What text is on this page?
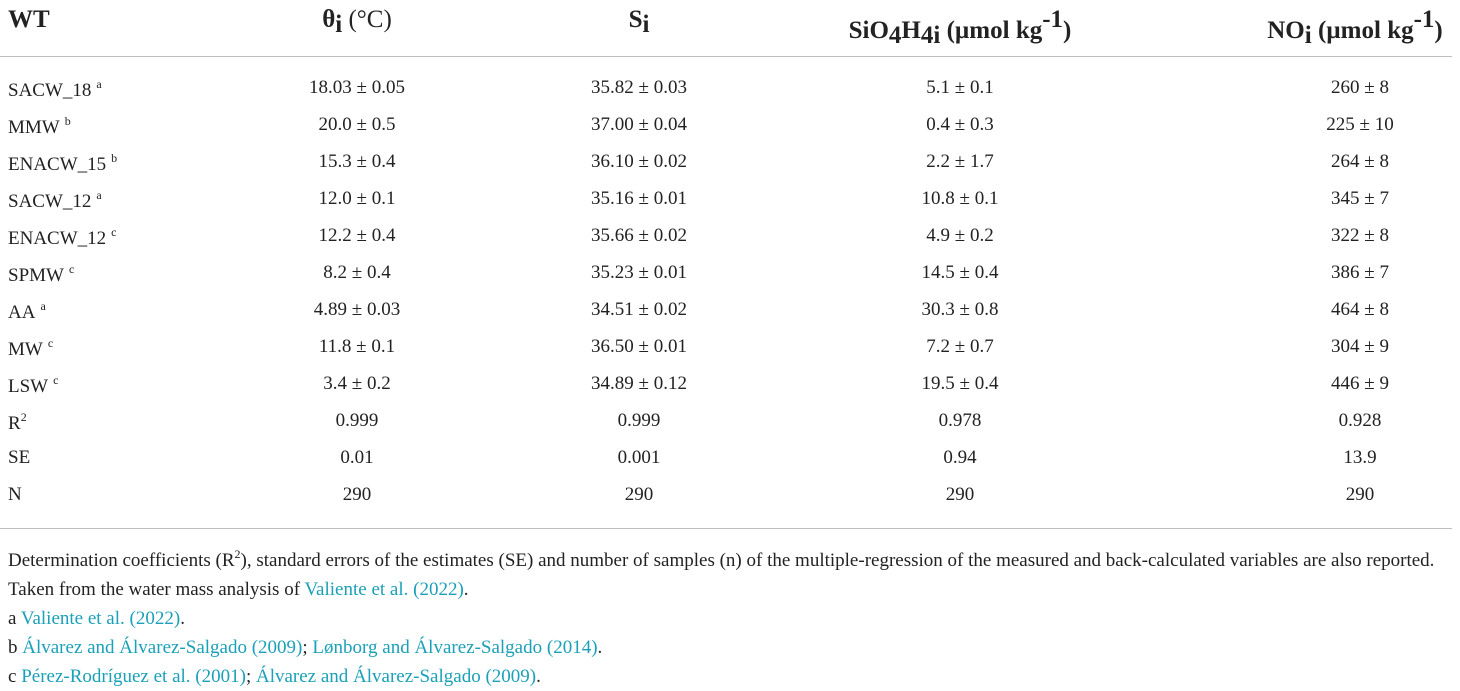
WT	θi (°C)	Si	SiO4H4i (µmol kg-1)	NOi (µmol kg-1)
SACW_18 $^a$	18.03 ± 0.05	35.82 ± 0.03	5.1 ± 0.1	260 ± 8
MMW $^b$	20.0 ± 0.5	37.00 ± 0.04	0.4 ± 0.3	225 ± 10
ENACW_15 $^b$	15.3 ± 0.4	36.10 ± 0.02	2.2 ± 1.7	264 ± 8
SACW_12 $^a$	12.0 ± 0.1	35.16 ± 0.01	10.8 ± 0.1	345 ± 7
ENACW_12 $^c$	12.2 ± 0.4	35.66 ± 0.02	4.9 ± 0.2	322 ± 8
SPMW $^c$	8.2 ± 0.4	35.23 ± 0.01	14.5 ± 0.4	386 ± 7
AA $^a$	4.89 ± 0.03	34.51 ± 0.02	30.3 ± 0.8	464 ± 8
MW $^c$	11.8 ± 0.1	36.50 ± 0.01	7.2 ± 0.7	304 ± 9
LSW $^c$	3.4 ± 0.2	34.89 ± 0.12	19.5 ± 0.4	446 ± 9
$R^2$	0.999	0.999	0.978	0.928
SE	0.01	0.001	0.94	13.9
N	290	290	290	290
Determination coefficients $(R^2)$, standard errors of the estimates (SE) and number of samples (n) of the multiple-regression of the measured and back-calculated variables are also reported.
Taken from the water mass analysis of Valiente et al. (2022).
a Valiente et al. (2022).
b Álvarez and Álvarez-Salgado (2009); Lønborg and Álvarez-Salgado (2014).
c Pérez-Rodríguez et al. (2001); Álvarez and Álvarez-Salgado (2009).
